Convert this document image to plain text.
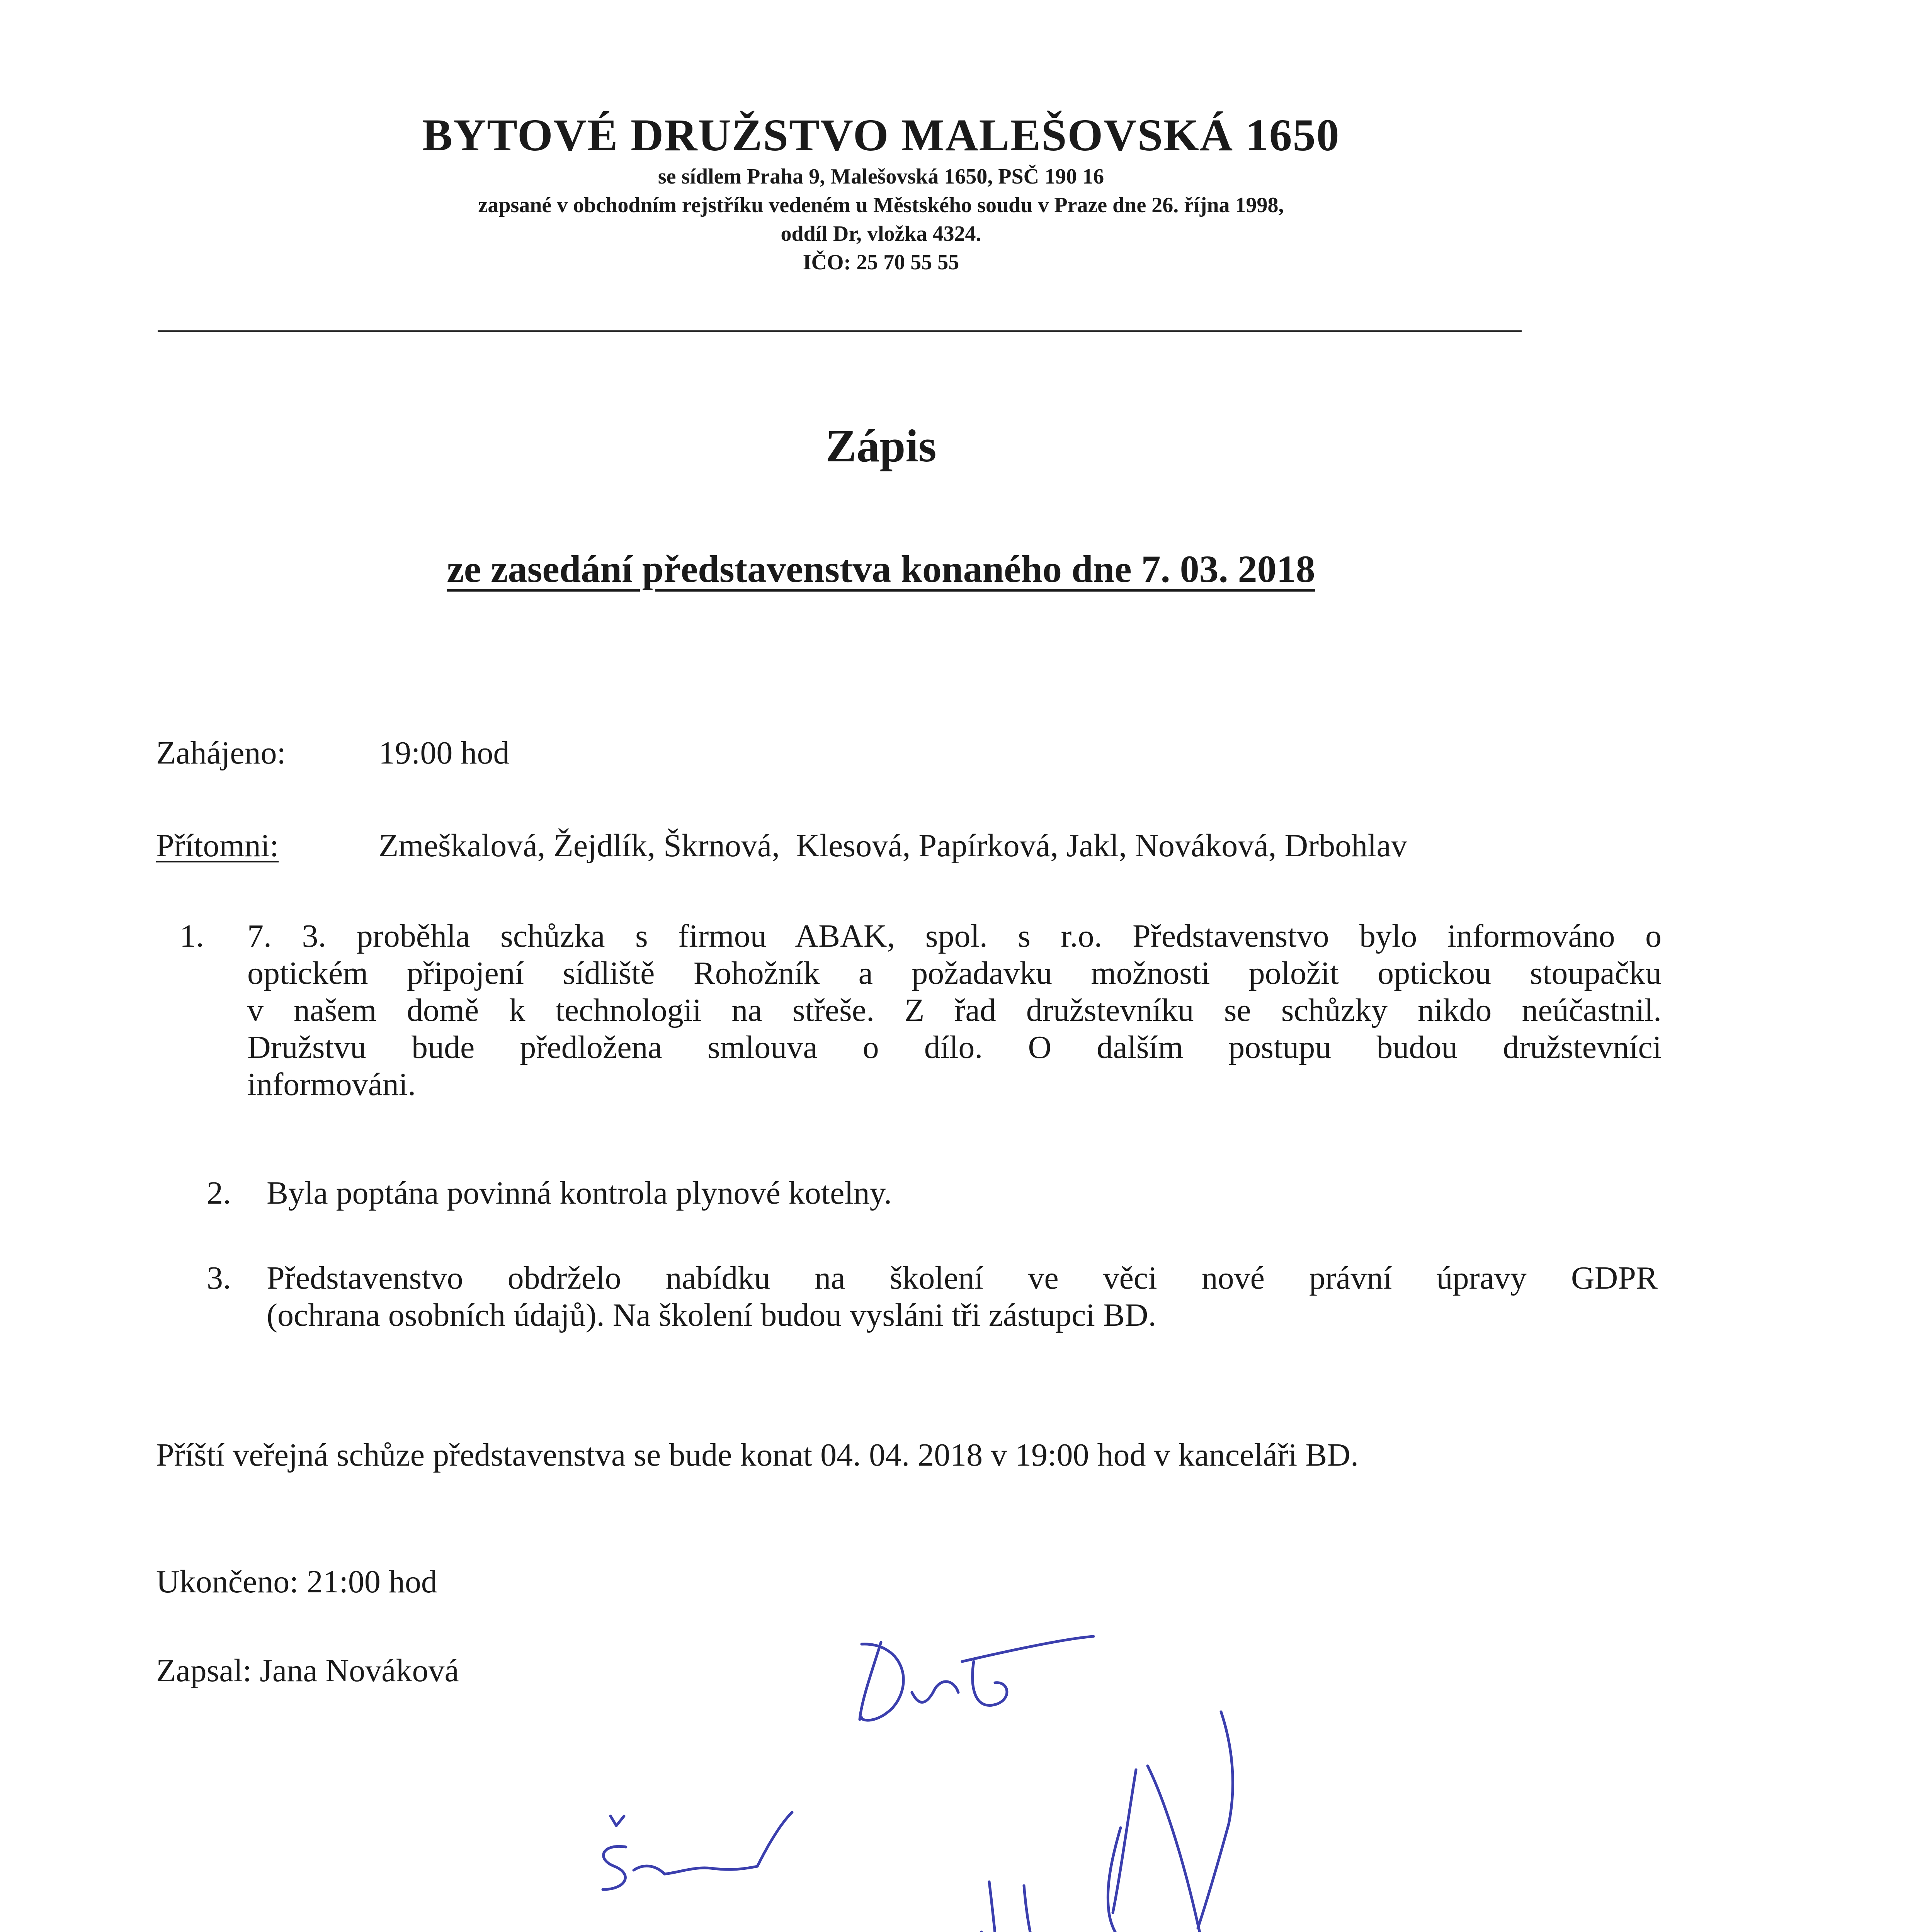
BYTOVÉ DRUŽSTVO MALEŠOVSKÁ 1650
se sídlem Praha 9, Malešovská 1650, PSČ 190 16
zapsané v obchodním rejstříku vedeném u Městského soudu v Praze dne 26. října 1998,
oddíl Dr, vložka 4324.
IČO: 25 70 55 55
Zápis
ze zasedání představenstva konaného dne 7. 03. 2018
Zahájeno:	19:00 hod
Přítomni:	Zmeškalová, Žejdlík, Škrnová,  Klesová, Papírková, Jakl, Nováková, Drbohlav
1. 7. 3. proběhla schůzka s firmou ABAK, spol. s r.o. Představenstvo bylo informováno o
optickém připojení sídliště Rohožník a požadavku možnosti položit optickou stoupačku
v našem domě k technologii na střeše. Z řad družstevníku se schůzky nikdo neúčastnil.
Družstvu bude předložena smlouva o dílo. O dalším postupu budou družstevníci
informováni.
2. Byla poptána povinná kontrola plynové kotelny.
3. Představenstvo obdrželo nabídku na školení ve věci nové právní úpravy GDPR
(ochrana osobních údajů). Na školení budou vysláni tři zástupci BD.
Příští veřejná schůze představenstva se bude konat 04. 04. 2018 v 19:00 hod v kanceláři BD.
Ukončeno: 21:00 hod
Zapsal: Jana Nováková
